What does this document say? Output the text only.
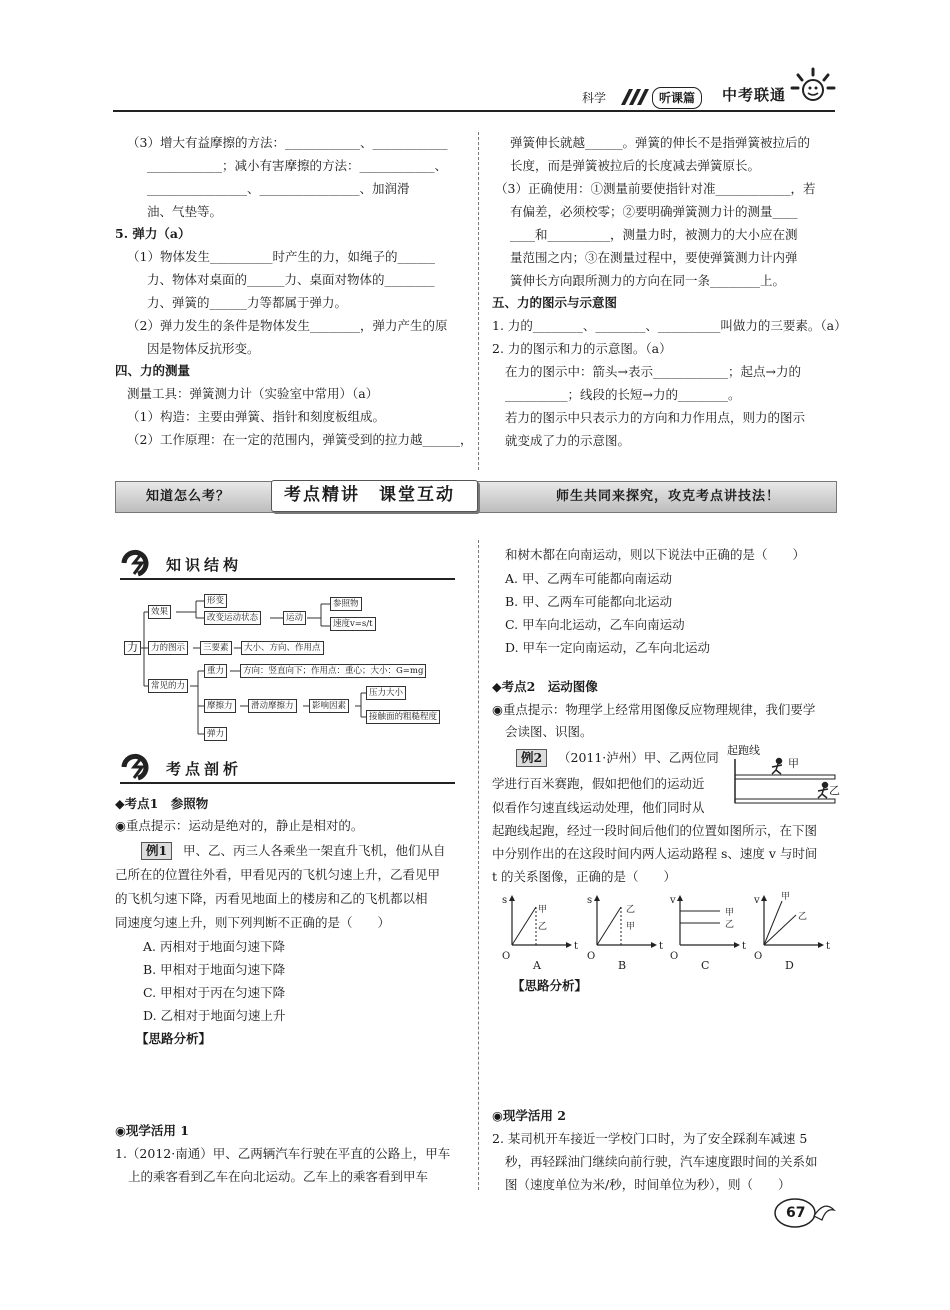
科学	听课篇	中考联通
（3）增大有益摩擦的方法：____________、____________
____________；减小有害摩擦的方法：____________、
________________、________________、加润滑
油、气垫等。
5. 弹力（a）
（1）物体发生__________时产生的力，如绳子的______
力、物体对桌面的______力、桌面对物体的________
力、弹簧的______力等都属于弹力。
（2）弹力发生的条件是物体发生________，弹力产生的原
因是物体反抗形变。
四、力的测量
测量工具：弹簧测力计（实验室中常用）（a）
（1）构造：主要由弹簧、指针和刻度板组成。
（2）工作原理：在一定的范围内，弹簧受到的拉力越______，
弹簧伸长就越______。弹簧的伸长不是指弹簧被拉后的
长度，而是弹簧被拉后的长度减去弹簧原长。
（3）正确使用：①测量前要使指针对准____________，若
有偏差，必须校零；②要明确弹簧测力计的测量____
____和__________，测量力时，被测力的大小应在测
量范围之内；③在测量过程中，要使弹簧测力计内弹
簧伸长方向跟所测力的方向在同一条________上。
五、力的图示与示意图
1. 力的________、________、__________叫做力的三要素。（a）
2. 力的图示和力的示意图。（a）
在力的图示中：箭头→表示____________；起点→力的
__________；线段的长短→力的________。
若力的图示中只表示力的方向和力作用点，则力的图示
就变成了力的示意图。
知道怎么考？	考点精讲　课堂互动	师生共同来探究，攻克考点讲技法！
知识结构
力
效果
形变
改变运动状态	运动
参照物
速度v=s/t
力的图示	三要素	大小、方向、作用点
常见的力
重力	方向：竖直向下；作用点：重心；大小：G=mg
摩擦力	滑动摩擦力	影响因素
压力大小
接触面的粗糙程度
弹力
考点剖析
◆考点1　参照物
◉重点提示：运动是绝对的，静止是相对的。
例1	甲、乙、丙三人各乘坐一架直升飞机，他们从自
己所在的位置往外看，甲看见丙的飞机匀速上升，乙看见甲
的飞机匀速下降，丙看见地面上的楼房和乙的飞机都以相
同速度匀速上升，则下列判断不正确的是（　　）
A. 丙相对于地面匀速下降
B. 甲相对于地面匀速下降
C. 甲相对于丙在匀速下降
D. 乙相对于地面匀速上升
【思路分析】
◉现学活用 1
1.（2012·南通）甲、乙两辆汽车行驶在平直的公路上，甲车
上的乘客看到乙车在向北运动。乙车上的乘客看到甲车
和树木都在向南运动，则以下说法中正确的是（　　）
A. 甲、乙两车可能都向南运动
B. 甲、乙两车可能都向北运动
C. 甲车向北运动，乙车向南运动
D. 甲车一定向南运动，乙车向北运动
◆考点2　运动图像
◉重点提示：物理学上经常用图像反应物理规律，我们要学
会读图、识图。
例2	（2011·泸州）甲、乙两位同
学进行百米赛跑，假如把他们的运动近
似看作匀速直线运动处理，他们同时从
起跑线起跑，经过一段时间后他们的位置如图所示，在下图
中分别作出的在这段时间内两人运动路程 s、速度 v 与时间
t 的关系图像，正确的是（　　）
起跑线
甲
乙
s
t
O
A
甲
乙
s
t
O
B
乙
甲
v
t
O
C
甲
乙
v
t
O
D
甲
乙
【思路分析】
◉现学活用 2
2. 某司机开车接近一学校门口时，为了安全踩刹车减速 5
秒，再轻踩油门继续向前行驶，汽车速度跟时间的关系如
图（速度单位为米/秒，时间单位为秒），则（　　）
67
